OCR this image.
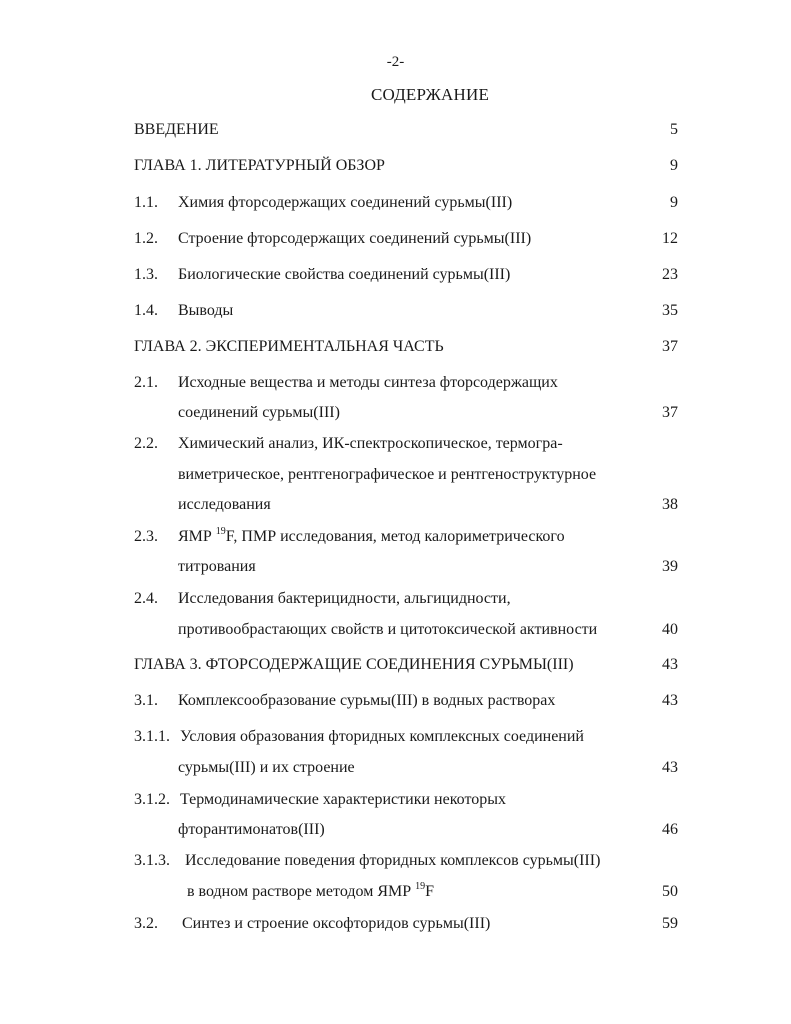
-2-
СОДЕРЖАНИЕ
ВВЕДЕНИЕ	5
ГЛАВА 1. ЛИТЕРАТУРНЫЙ ОБЗОР	9
1.1. Химия фторсодержащих соединений сурьмы(III)	9
1.2. Строение фторсодержащих соединений сурьмы(III)	12
1.3. Биологические свойства соединений сурьмы(III)	23
1.4. Выводы	35
ГЛАВА 2. ЭКСПЕРИМЕНТАЛЬНАЯ ЧАСТЬ	37
2.1. Исходные вещества и методы синтеза фторсодержащих
соединений сурьмы(III)	37
2.2. Химический анализ, ИК-спектроскопическое, термогра-
виметрическое, рентгенографическое и рентгеноструктурное
исследования	38
2.3. ЯМР $^{19}$F, ПМР исследования, метод калориметрического
титрования	39
2.4. Исследования бактерицидности, альгицидности,
противообрастающих свойств и цитотоксической активности	40
ГЛАВА 3. ФТОРСОДЕРЖАЩИЕ СОЕДИНЕНИЯ СУРЬМЫ(III)	43
3.1. Комплексообразование сурьмы(III) в водных растворах	43
3.1.1. Условия образования фторидных комплексных соединений
сурьмы(III) и их строение	43
3.1.2. Термодинамические характеристики некоторых
фторантимонатов(III)	46
3.1.3. Исследование поведения фторидных комплексов сурьмы(III)
в водном растворе методом ЯМР $^{19}$F	50
3.2. Синтез и строение оксофторидов сурьмы(III)	59
